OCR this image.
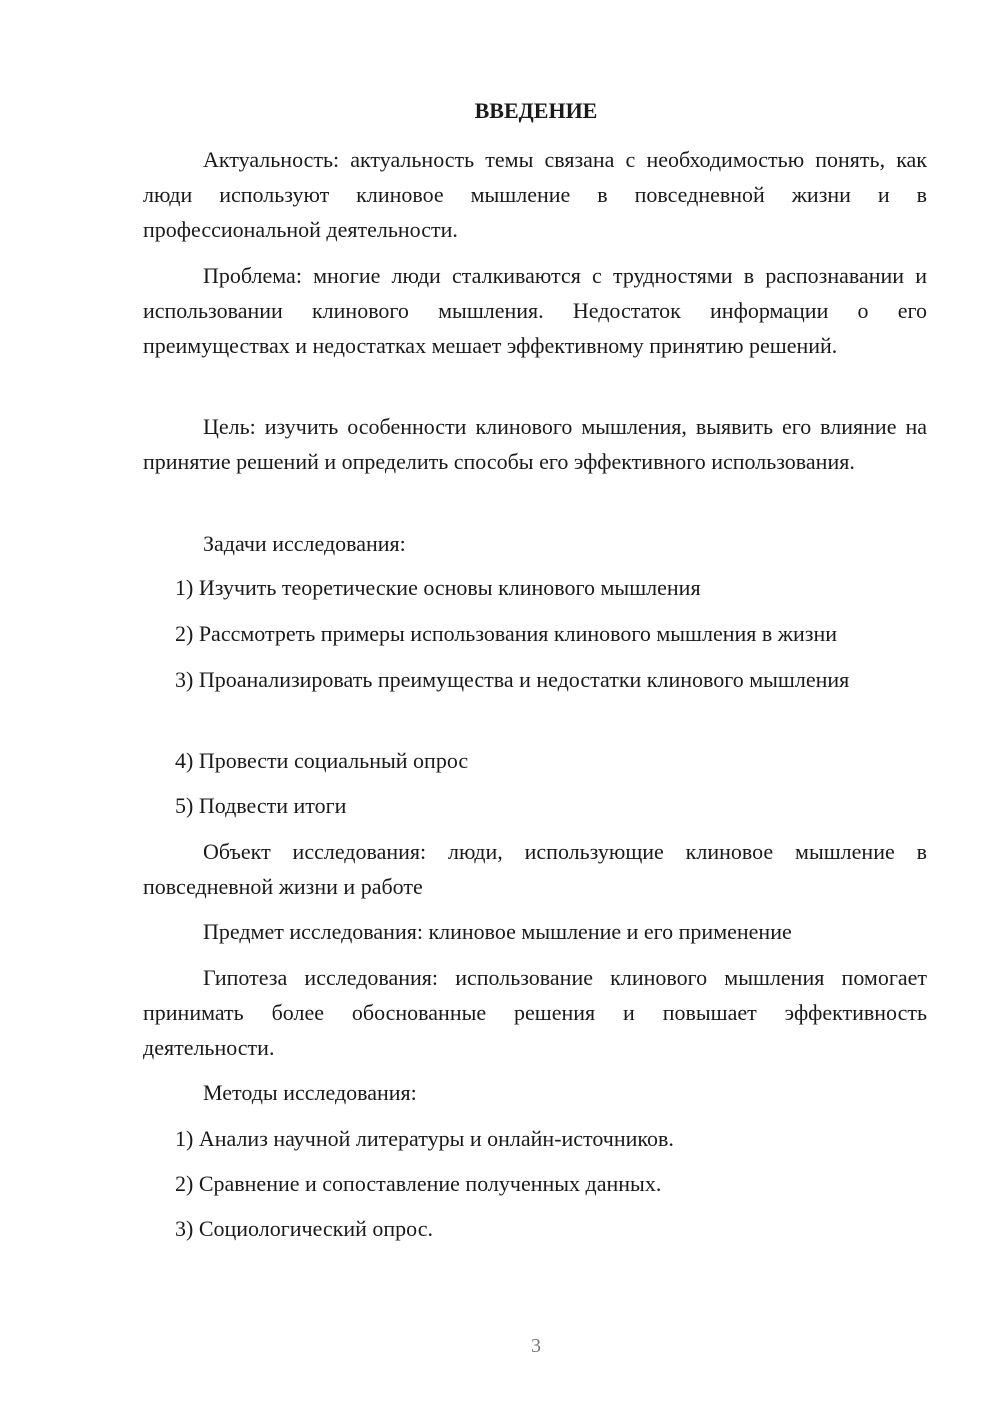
ВВЕДЕНИЕ

Актуальность: актуальность темы связана с необходимостью понять, как люди используют клиновое мышление в повседневной жизни и в профессиональной деятельности.

Проблема: многие люди сталкиваются с трудностями в распознавании и использовании клинового мышления. Недостаток информации о его преимуществах и недостатках мешает эффективному принятию решений.

Цель: изучить особенности клинового мышления, выявить его влияние на принятие решений и определить способы его эффективного использования.

Задачи исследования:

1) Изучить теоретические основы клинового мышления

2) Рассмотреть примеры использования клинового мышления в жизни

3) Проанализировать преимущества и недостатки клинового мышления

4) Провести социальный опрос

5) Подвести итоги

Объект исследования: люди, использующие клиновое мышление в повседневной жизни и работе

Предмет исследования: клиновое мышление и его применение

Гипотеза исследования: использование клинового мышления помогает принимать более обоснованные решения и повышает эффективность деятельности.

Методы исследования:

1) Анализ научной литературы и онлайн-источников.

2) Сравнение и сопоставление полученных данных.

3) Социологический опрос.

3
